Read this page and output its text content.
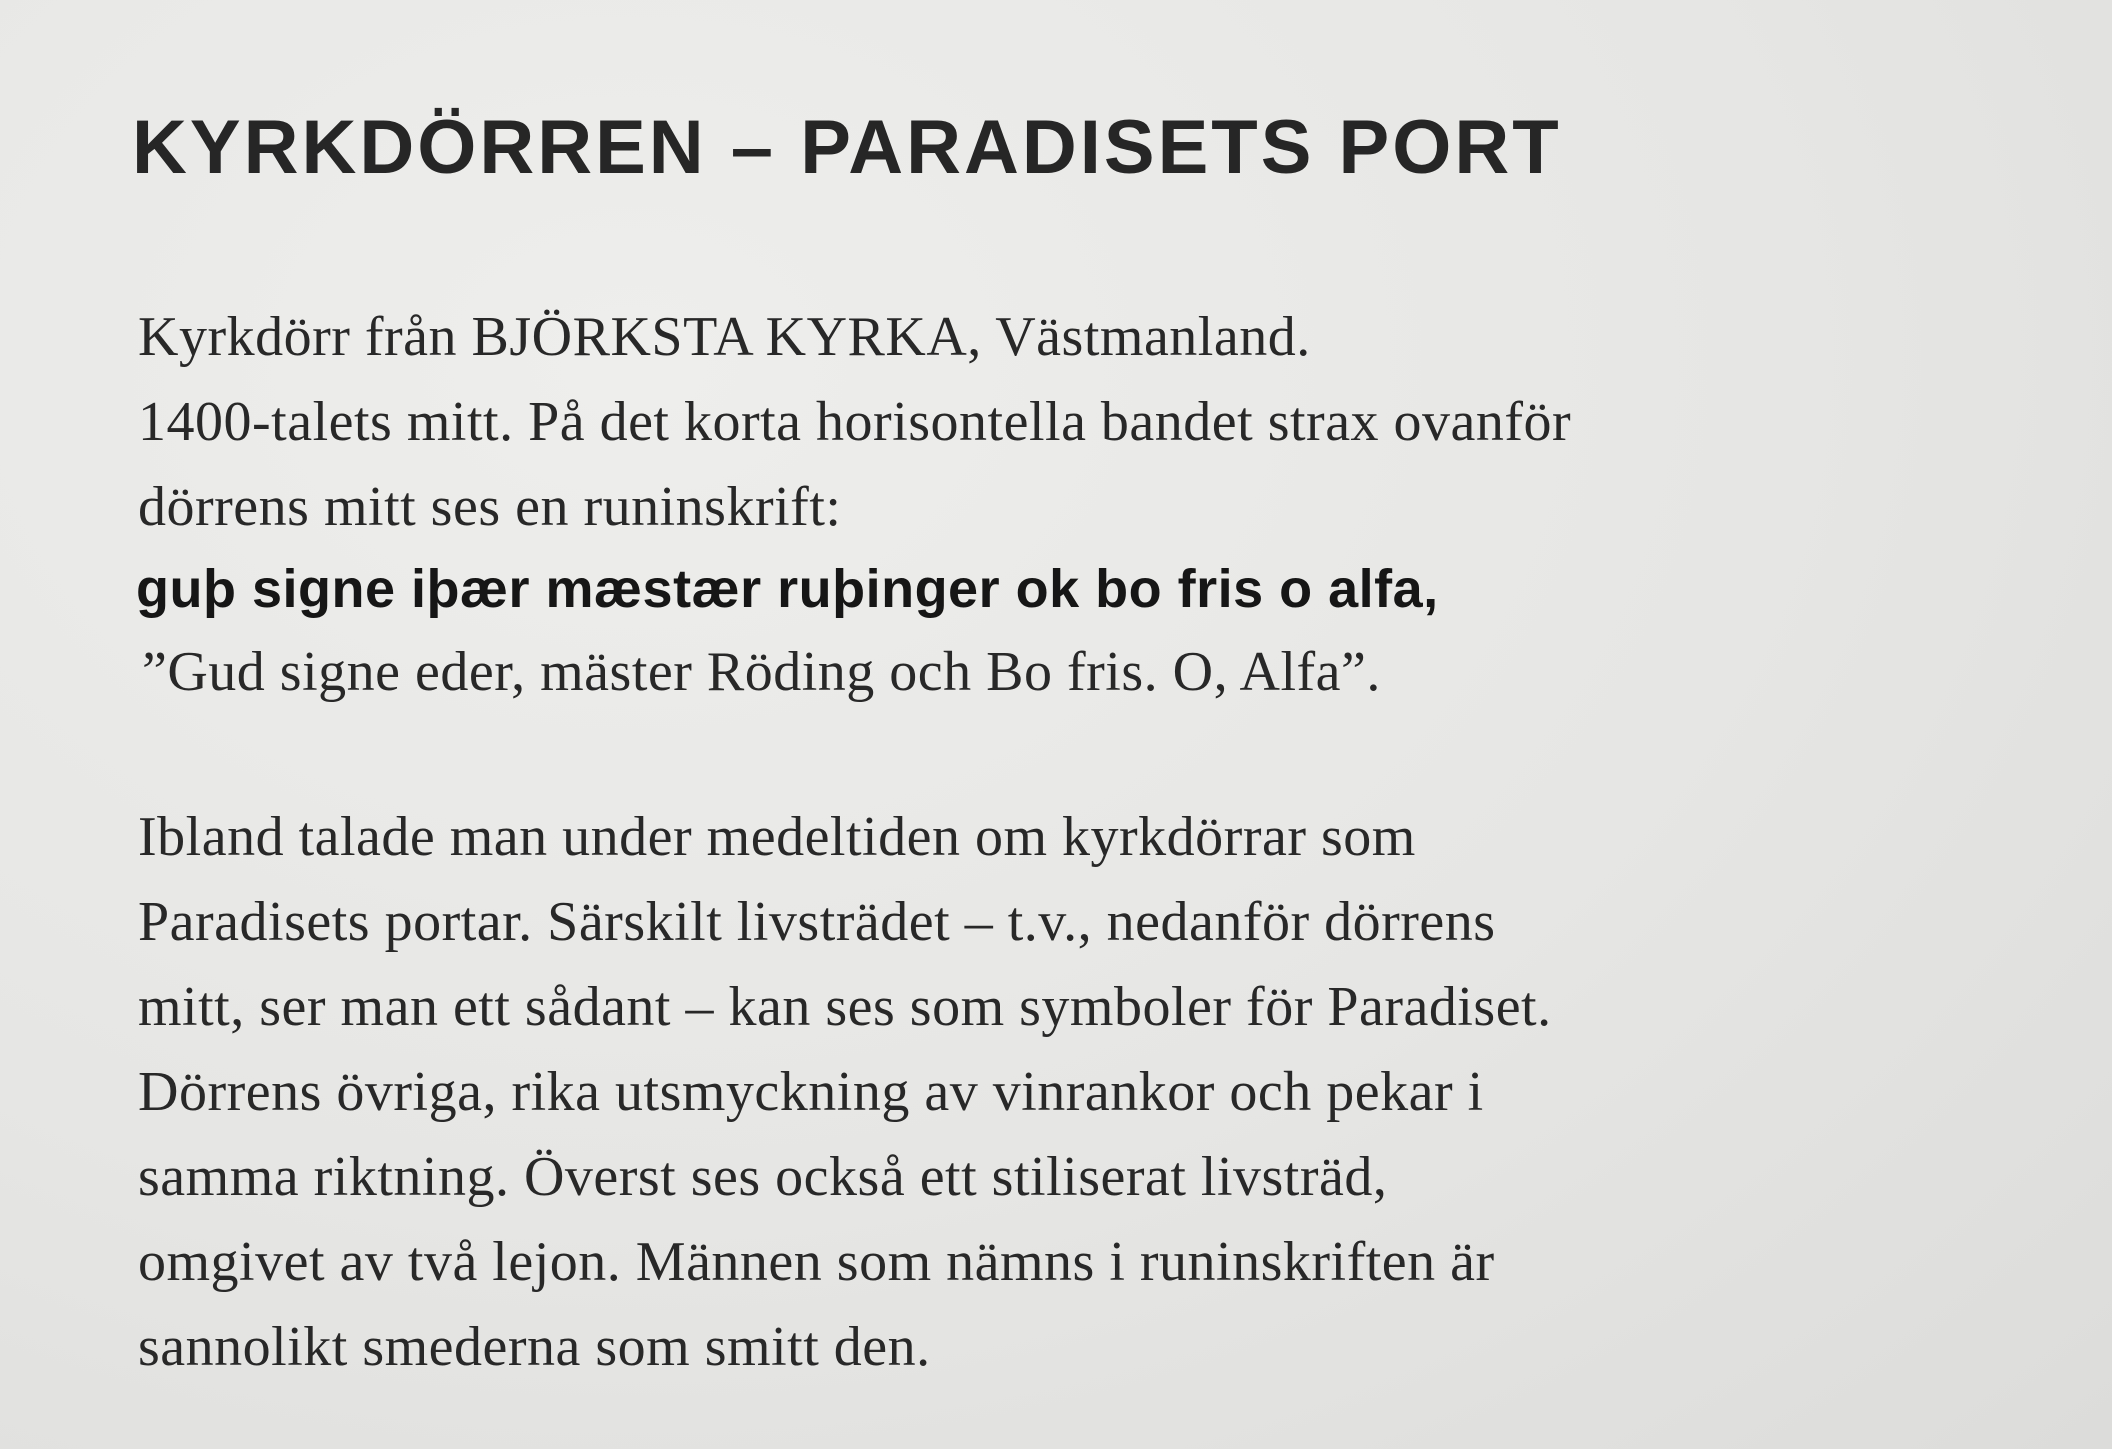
KYRKDÖRREN – PARADISETS PORT
Kyrkdörr från BJÖRKSTA KYRKA, Västmanland.
1400-talets mitt. På det korta horisontella bandet strax ovanför
dörrens mitt ses en runinskrift:
guþ signe iþær mæstær ruþinger ok bo fris o alfa,
”Gud signe eder, mäster Röding och Bo fris. O, Alfa”.
Ibland talade man under medeltiden om kyrkdörrar som
Paradisets portar. Särskilt livsträdet – t.v., nedanför dörrens
mitt, ser man ett sådant – kan ses som symboler för Paradiset.
Dörrens övriga, rika utsmyckning av vinrankor och pekar i
samma riktning. Överst ses också ett stiliserat livsträd,
omgivet av två lejon. Männen som nämns i runinskriften är
sannolikt smederna som smitt den.
